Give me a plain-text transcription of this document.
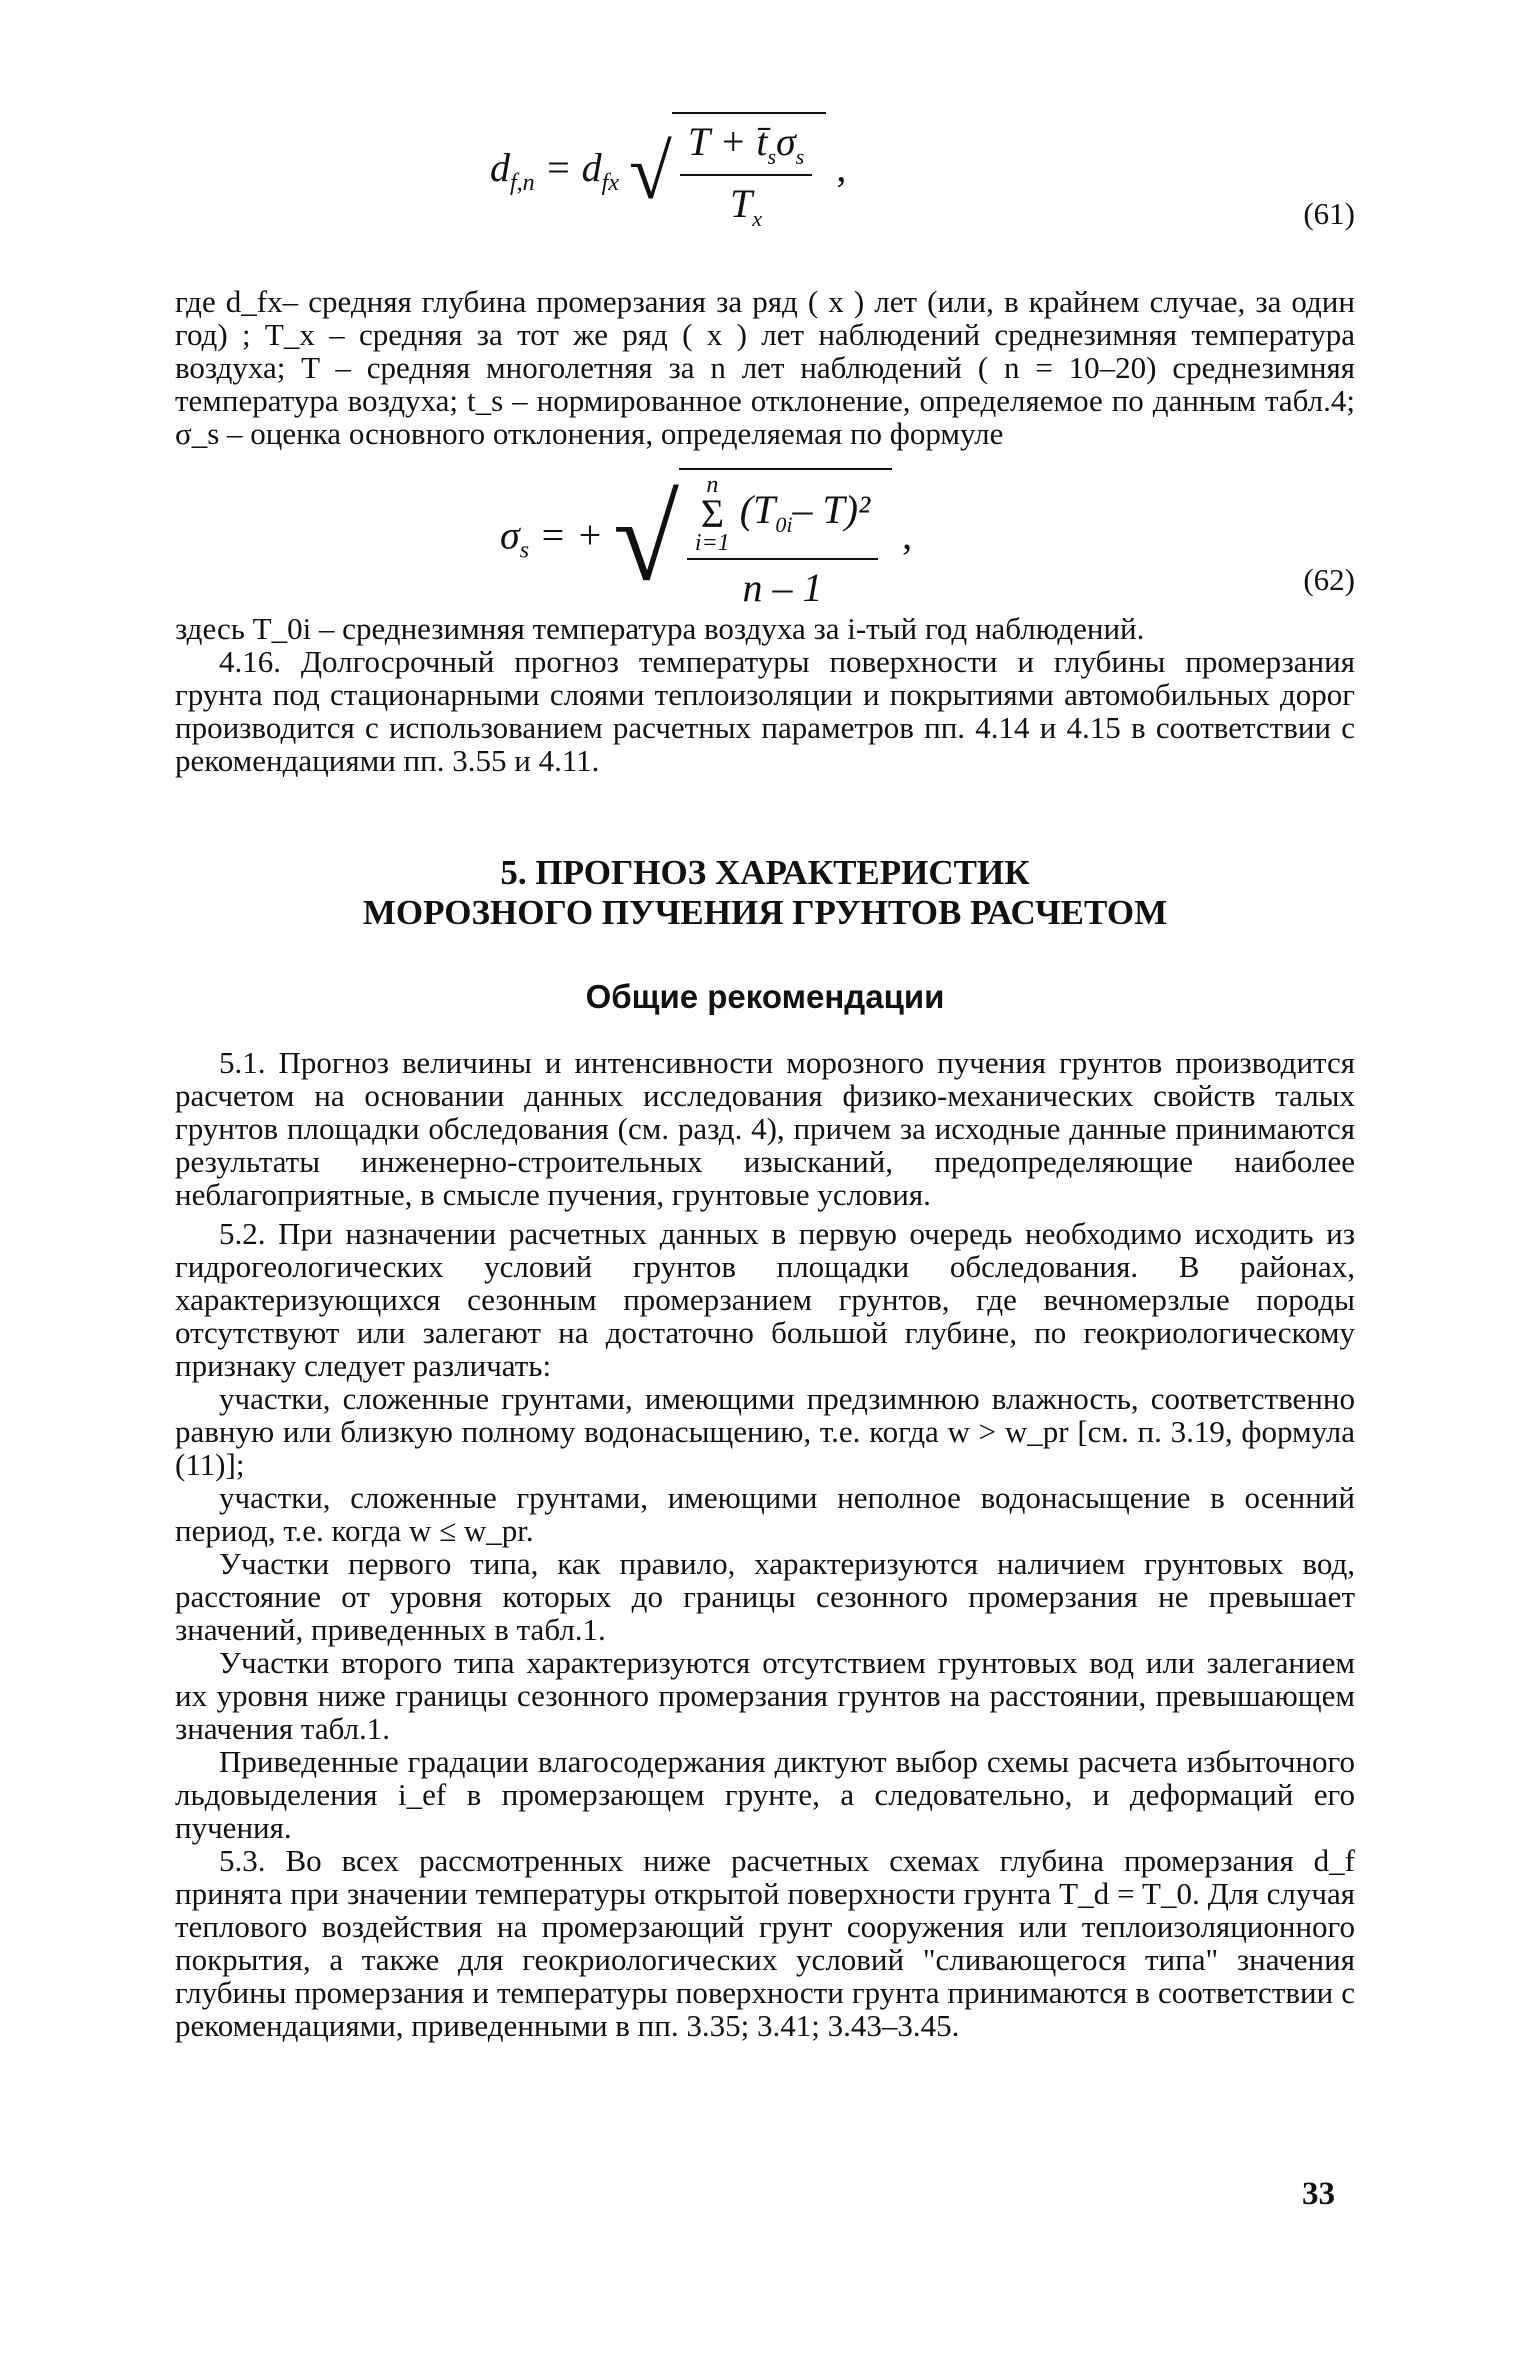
$d_{f,n} = d_{fx}$ √ $\frac{T + t̄_s\sigma_s}{T_x}$ ,
(61)

где d_fx– средняя глубина промерзания за ряд ( x ) лет (или, в крайнем случае, за один год) ; T_x – средняя за тот же ряд ( x ) лет наблюдений среднезимняя температура воздуха; T – средняя многолетняя за n лет наблюдений ( n = 10–20) среднезимняя температура воздуха; t_s – нормированное отклонение, определяемое по данным табл.4; σ_s – оценка основного отклонения, определяемая по формуле

$\sigma_s$ = + √ n
Σ
i=1
($T_{0i}-$ T)²
n – 1
,
(62)

здесь T_0i – среднезимняя температура воздуха за i-тый год наблюдений.

4.16. Долгосрочный прогноз температуры поверхности и глубины промерзания грунта под стационарными слоями теплоизоляции и покрытиями автомобильных дорог производится с использованием расчетных параметров пп. 4.14 и 4.15 в соответствии с рекомендациями пп. 3.55 и 4.11.

5. ПРОГНОЗ ХАРАКТЕРИСТИК
МОРОЗНОГО ПУЧЕНИЯ ГРУНТОВ РАСЧЕТОМ
Общие рекомендации

5.1. Прогноз величины и интенсивности морозного пучения грунтов производится расчетом на основании данных исследования физико-механических свойств талых грунтов площадки обследования (см. разд. 4), причем за исходные данные принимаются результаты инженерно-строительных изысканий, предопределяющие наиболее неблагоприятные, в смысле пучения, грунтовые условия.

5.2. При назначении расчетных данных в первую очередь необходимо исходить из гидрогеологических условий грунтов площадки обследования. В районах, характеризующихся сезонным промерзанием грунтов, где вечномерзлые породы отсутствуют или залегают на достаточно большой глубине, по геокриологическому признаку следует различать:

участки, сложенные грунтами, имеющими предзимнюю влажность, соответственно равную или близкую полному водонасыщению, т.е. когда w > w_pr [см. п. 3.19, формула (11)];

участки, сложенные грунтами, имеющими неполное водонасыщение в осенний период, т.е. когда w ≤ w_pr.

Участки первого типа, как правило, характеризуются наличием грунтовых вод, расстояние от уровня которых до границы сезонного промерзания не превышает значений, приведенных в табл.1.

Участки второго типа характеризуются отсутствием грунтовых вод или залеганием их уровня ниже границы сезонного промерзания грунтов на расстоянии, превышающем значения табл.1.

Приведенные градации влагосодержания диктуют выбор схемы расчета избыточного льдовыделения i_ef в промерзающем грунте, а следовательно, и деформаций его пучения.

5.3. Во всех рассмотренных ниже расчетных схемах глубина промерзания d_f принята при значении температуры открытой поверхности грунта T_d = T_0. Для случая теплового воздействия на промерзающий грунт сооружения или теплоизоляционного покрытия, а также для геокриологических условий "сливающегося типа" значения глубины промерзания и температуры поверхности грунта принимаются в соответствии с рекомендациями, приведенными в пп. 3.35; 3.41; 3.43–3.45.

33
